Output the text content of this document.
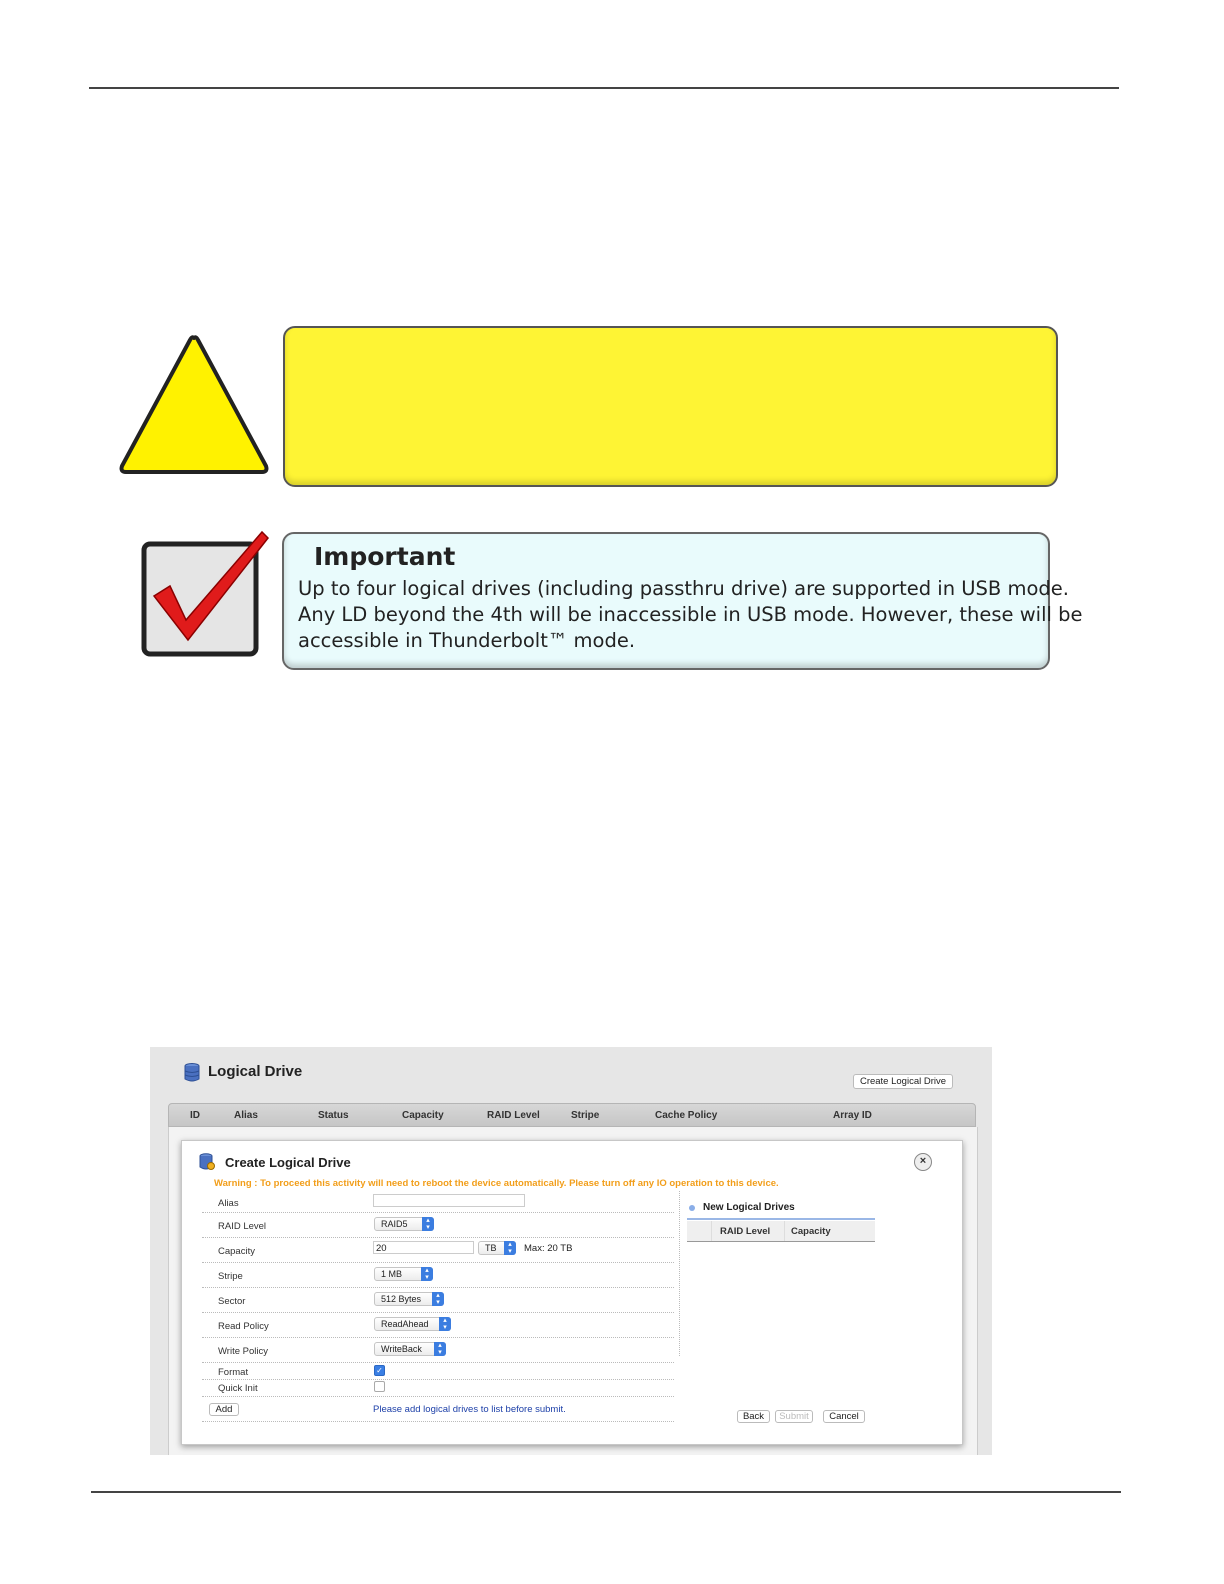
Important
Up to four logical drives (including passthru drive) are supported in USB mode.
Any LD beyond the 4th will be inaccessible in USB mode. However, these will be
accessible in Thunderbolt™ mode.
Logical Drive
Create Logical Drive
ID	Alias	Status	Capacity	RAID Level	Stripe	Cache Policy	Array ID
Create Logical Drive	×
Warning : To proceed this activity will need to reboot the device automatically. Please turn off any IO operation to this device.
Alias
RAID Level	RAID5	▴
▾
Capacity	20	TB	▴
▾	Max: 20 TB
Stripe	1 MB	▴
▾
Sector	512 Bytes	▴
▾
Read Policy	ReadAhead	▴
▾
Write Policy	WriteBack	▴
▾
Format	✓
Quick Init
Add	Please add logical drives to list before submit.
New Logical Drives
RAID Level Capacity
Back	Submit	Cancel
